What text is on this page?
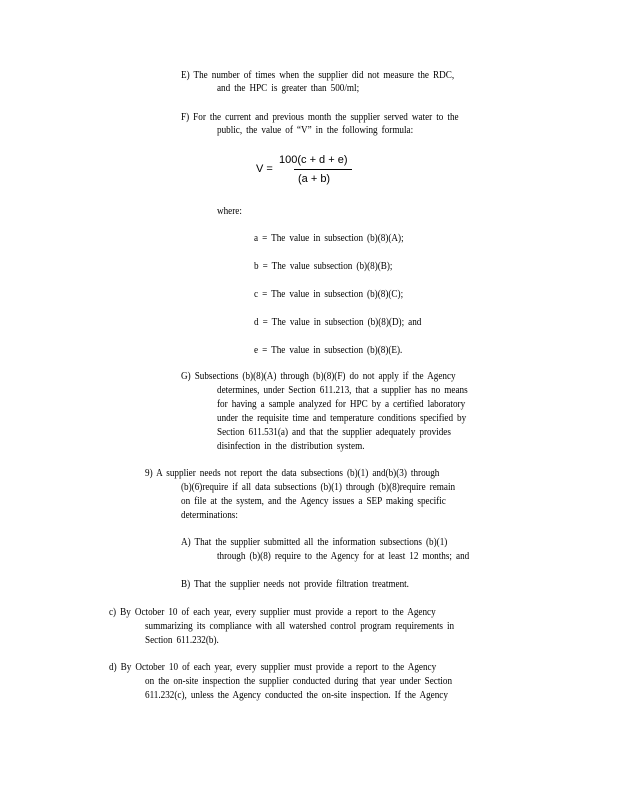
E) The number of times when the supplier did not measure the RDC,
and the HPC is greater than 500/ml;
F) For the current and previous month the supplier served water to the
public, the value of “V” in the following formula:
V =
100(c + d + e)
(a + b)
where:
a = The value in subsection (b)(8)(A);
b = The value subsection (b)(8)(B);
c = The value in subsection (b)(8)(C);
d = The value in subsection (b)(8)(D); and
e = The value in subsection (b)(8)(E).
G) Subsections (b)(8)(A) through (b)(8)(F) do not apply if the Agency
determines, under Section 611.213, that a supplier has no means
for having a sample analyzed for HPC by a certified laboratory
under the requisite time and temperature conditions specified by
Section 611.531(a) and that the supplier adequately provides
disinfection in the distribution system.
9) A supplier needs not report the data subsections (b)(1) and(b)(3) through
(b)(6)require if all data subsections (b)(1) through (b)(8)require remain
on file at the system, and the Agency issues a SEP making specific
determinations:
A) That the supplier submitted all the information subsections (b)(1)
through (b)(8) require to the Agency for at least 12 months; and
B) That the supplier needs not provide filtration treatment.
c) By October 10 of each year, every supplier must provide a report to the Agency
summarizing its compliance with all watershed control program requirements in
Section 611.232(b).
d) By October 10 of each year, every supplier must provide a report to the Agency
on the on-site inspection the supplier conducted during that year under Section
611.232(c), unless the Agency conducted the on-site inspection. If the Agency
